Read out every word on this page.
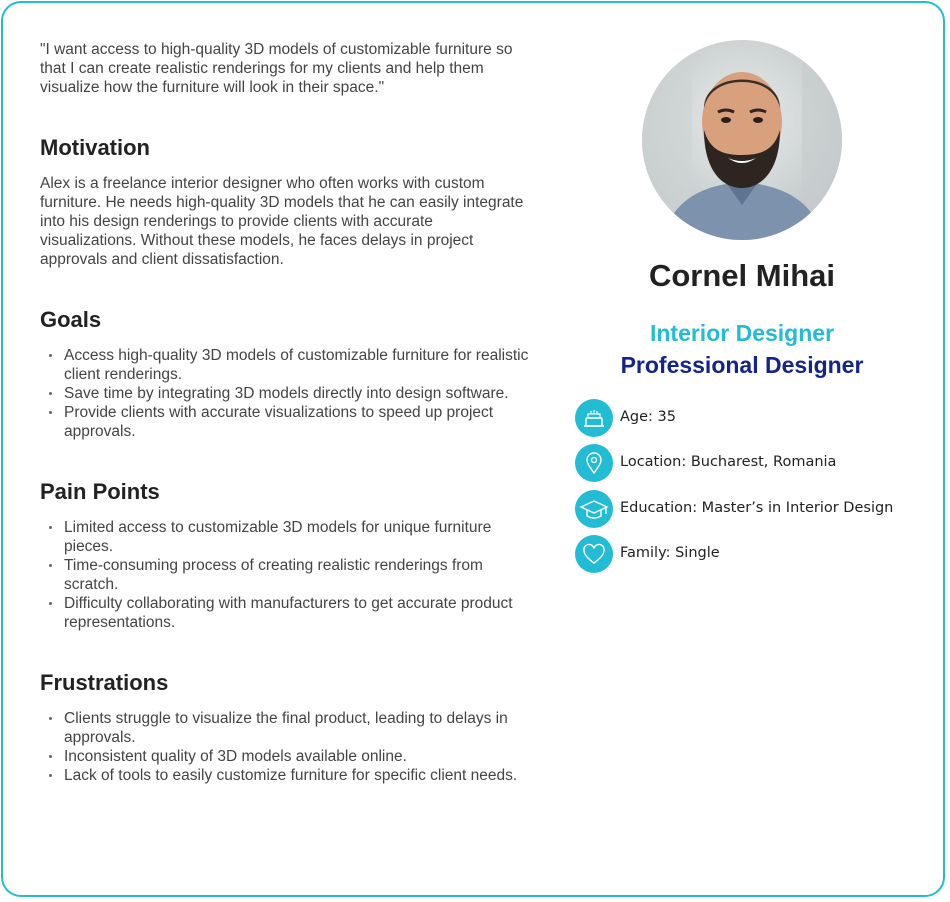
"I want access to high-quality 3D models of customizable furniture so that I can create realistic renderings for my clients and help them visualize how the furniture will look in their space."

Motivation

Alex is a freelance interior designer who often works with custom furniture. He needs high-quality 3D models that he can easily integrate into his design renderings to provide clients with accurate visualizations. Without these models, he faces delays in project approvals and client dissatisfaction.

Goals
Access high-quality 3D models of customizable furniture for realistic client renderings.
Save time by integrating 3D models directly into design software.
Provide clients with accurate visualizations to speed up project approvals.
Pain Points
Limited access to customizable 3D models for unique furniture pieces.
Time-consuming process of creating realistic renderings from scratch.
Difficulty collaborating with manufacturers to get accurate product representations.
Frustrations
Clients struggle to visualize the final product, leading to delays in approvals.
Inconsistent quality of 3D models available online.
Lack of tools to easily customize furniture for specific client needs.
Cornel Mihai
Interior Designer
Professional Designer
Age: 35
Location: Bucharest, Romania
Education: Master’s in Interior Design
Family: Single
